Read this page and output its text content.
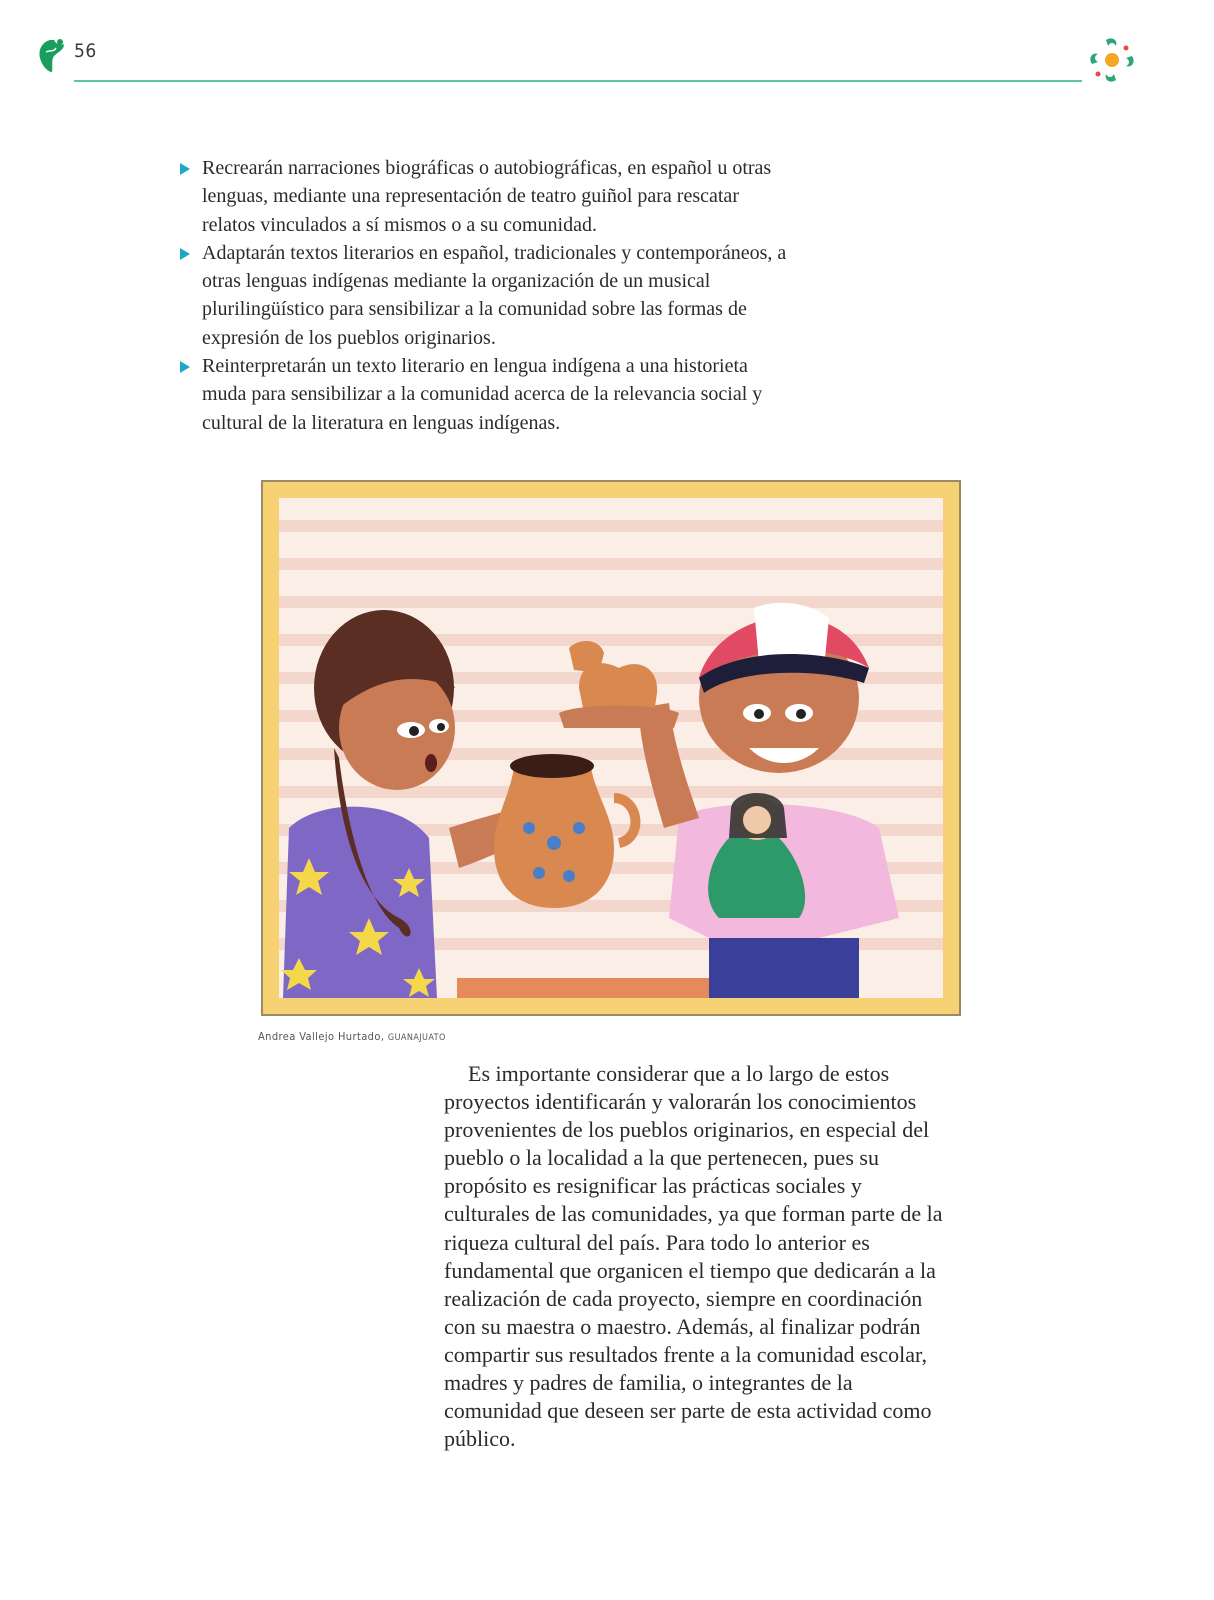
56
Recrearán narraciones biográficas o autobiográficas, en español u otras lenguas, mediante una representación de teatro guiñol para rescatar relatos vinculados a sí mismos o a su comunidad.
Adaptarán textos literarios en español, tradicionales y contemporáneos, a otras lenguas indígenas mediante la organización de un musical plurilingüístico para sensibilizar a la comunidad sobre las formas de expresión de los pueblos originarios.
Reinterpretarán un texto literario en lengua indígena a una historieta muda para sensibilizar a la comunidad acerca de la relevancia social y cultural de la literatura en lenguas indígenas.
Andrea Vallejo Hurtado, GUANAJUATO

Es importante considerar que a lo largo de estos proyectos identificarán y valorarán los conocimientos provenientes de los pueblos originarios, en especial del pueblo o la localidad a la que pertenecen, pues su propósito es resignificar las prácticas sociales y culturales de las comunidades, ya que forman parte de la riqueza cultural del país. Para todo lo anterior es fundamental que organicen el tiempo que dedicarán a la realización de cada proyecto, siempre en coordinación con su maestra o maestro. Además, al finalizar podrán compartir sus resultados frente a la comunidad escolar, madres y padres de familia, o integrantes de la comunidad que deseen ser parte de esta actividad como público.
